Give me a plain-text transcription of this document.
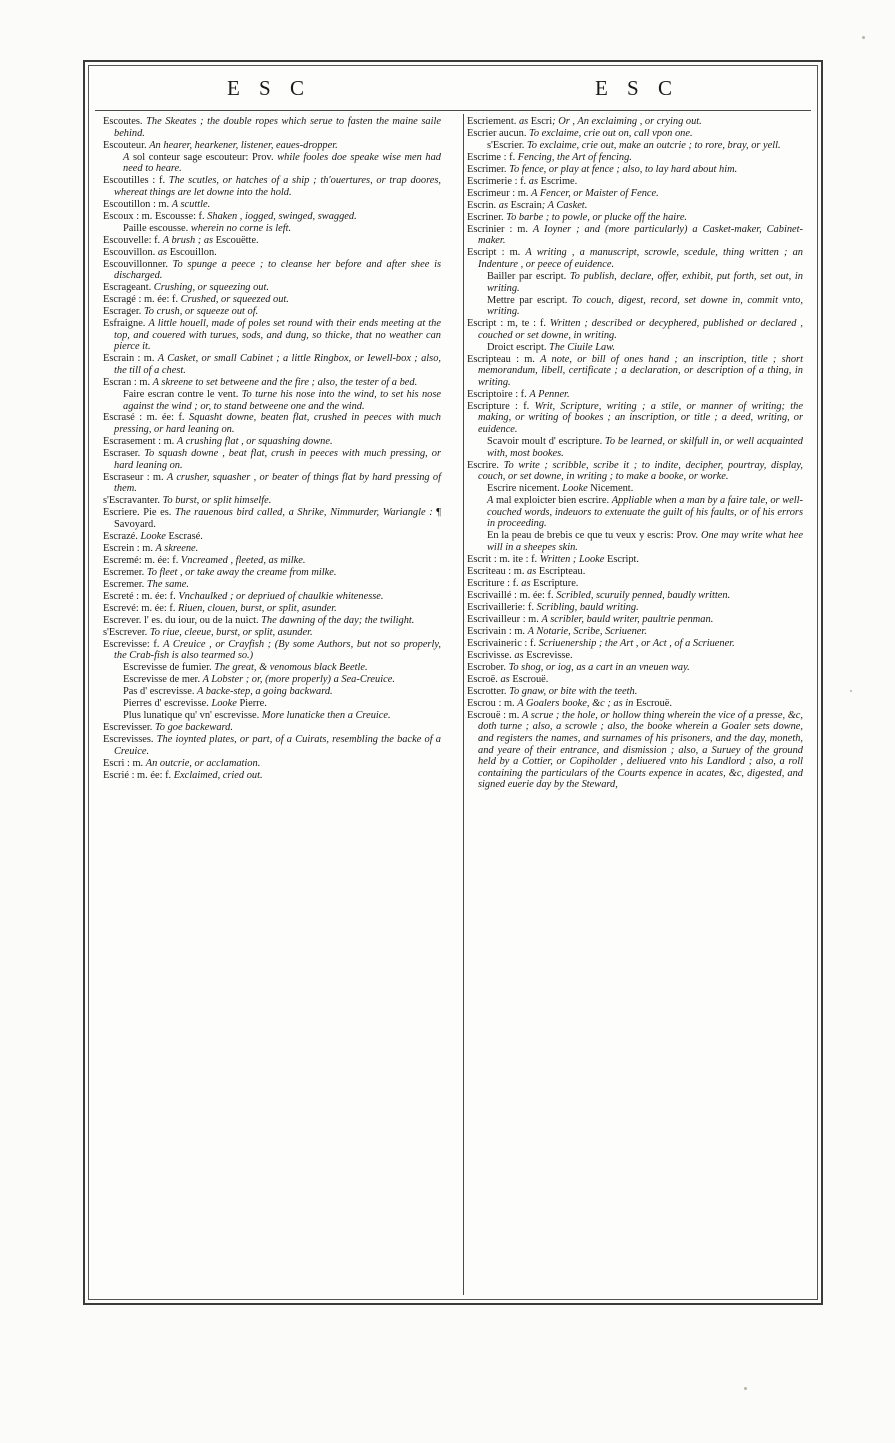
E S C	E S C

Escoutes. The Skeates ; the double ropes which serue to fasten the maine saile behind.

Escouteur. An hearer, hearkener, listener, eaues-dropper.

A sol conteur sage escouteur: Prov. while fooles doe speake wise men had need to heare.

Escoutilles : f. The scutles, or hatches of a ship ; th'ouertures, or trap doores, whereat things are let downe into the hold.

Escoutillon : m. A scuttle.

Escoux : m. Escousse: f. Shaken , iogged, swinged, swagged.

Paille escousse. wherein no corne is left.

Escouvelle: f. A brush ; as Escouëtte.

Escouvillon. as Escouillon.

Escouvillonner. To spunge a peece ; to cleanse her before and after shee is discharged.

Escrageant. Crushing, or squeezing out.

Escragé : m. ée: f. Crushed, or squeezed out.

Escrager. To crush, or squeeze out of.

Esfraigne. A little houell, made of poles set round with their ends meeting at the top, and couered with turues, sods, and dung, so thicke, that no weather can pierce it.

Escrain : m. A Casket, or small Cabinet ; a little Ringbox, or Iewell-box ; also, the till of a chest.

Escran : m. A skreene to set betweene and the fire ; also, the tester of a bed.

Faire escran contre le vent. To turne his nose into the wind, to set his nose against the wind ; or, to stand betweene one and the wind.

Escrasé : m. ée: f. Squasht downe, beaten flat, crushed in peeces with much pressing, or hard leaning on.

Escrasement : m. A crushing flat , or squashing downe.

Escraser. To squash downe , beat flat, crush in peeces with much pressing, or hard leaning on.

Escraseur : m. A crusher, squasher , or beater of things flat by hard pressing of them.

s'Escravanter. To burst, or split himselfe.

Escriere. Pie es. The rauenous bird called, a Shrike, Nimmurder, Wariangle : ¶ Savoyard.

Escrazé. Looke Escrasé.

Escrein : m. A skreene.

Escremé: m. ée: f. Vncreamed , fleeted, as milke.

Escremer. To fleet , or take away the creame from milke.

Escremer. The same.

Escreté : m. ée: f. Vnchaulked ; or depriued of chaulkie whitenesse.

Escrevé: m. ée: f. Riuen, clouen, burst, or split, asunder.

Escrever. l' es. du iour, ou de la nuict. The dawning of the day; the twilight.

s'Escrever. To riue, cleeue, burst, or split, asunder.

Escrevisse: f. A Creuice , or Crayfish ; (By some Authors, but not so properly, the Crab-fish is also tearmed so.)

Escrevisse de fumier. The great, & venomous black Beetle.

Escrevisse de mer. A Lobster ; or, (more properly) a Sea-Creuice.

Pas d' escrevisse. A backe-step, a going backward.

Pierres d' escrevisse. Looke Pierre.

Plus lunatique qu' vn' escrevisse. More lunaticke then a Creuice.

Escrevisser. To goe backeward.

Escrevisses. The ioynted plates, or part, of a Cuirats, resembling the backe of a Creuice.

Escri : m. An outcrie, or acclamation.

Escrié : m. ée: f. Exclaimed, cried out.

Escriement. as Escri; Or , An exclaiming , or crying out.

Escrier aucun. To exclaime, crie out on, call vpon one.

s'Escrier. To exclaime, crie out, make an outcrie ; to rore, bray, or yell.

Escrime : f. Fencing, the Art of fencing.

Escrimer. To fence, or play at fence ; also, to lay hard about him.

Escrimerie : f. as Escrime.

Escrimeur : m. A Fencer, or Maister of Fence.

Escrin. as Escrain; A Casket.

Escriner. To barbe ; to powle, or plucke off the haire.

Escrinier : m. A Ioyner ; and (more particularly) a Casket-maker, Cabinet-maker.

Escript : m. A writing , a manuscript, scrowle, scedule, thing written ; an Indenture , or peece of euidence.

Bailler par escript. To publish, declare, offer, exhibit, put forth, set out, in writing.

Mettre par escript. To couch, digest, record, set downe in, commit vnto, writing.

Escript : m, te : f. Written ; described or decyphered, published or declared , couched or set downe, in writing.

Droict escript. The Ciuile Law.

Escripteau : m. A note, or bill of ones hand ; an inscription, title ; short memorandum, libell, certificate ; a declaration, or description of a thing, in writing.

Escriptoire : f. A Penner.

Escripture : f. Writ, Scripture, writing ; a stile, or manner of writing; the making, or writing of bookes ; an inscription, or title ; a deed, writing, or euidence.

Scavoir moult d' escripture. To be learned, or skilfull in, or well acquainted with, most bookes.

Escrire. To write ; scribble, scribe it ; to indite, decipher, pourtray, display, couch, or set downe, in writing ; to make a booke, or worke.

Escrire nicement. Looke Nicement.

A mal exploicter bien escrire. Appliable when a man by a faire tale, or well-couched words, indeuors to extenuate the guilt of his faults, or of his errors in proceeding.

En la peau de brebis ce que tu veux y escris: Prov. One may write what hee will in a sheepes skin.

Escrit : m. ite : f. Written ; Looke Escript.

Escriteau : m. as Escripteau.

Escriture : f. as Escripture.

Escrivaillé : m. ée: f. Scribled, scuruily penned, baudly written.

Escrivaillerie: f. Scribling, bauld writing.

Escrivailleur : m. A scribler, bauld writer, paultrie penman.

Escrivain : m. A Notarie, Scribe, Scriuener.

Escrivaineric : f. Scriuenership ; the Art , or Act , of a Scriuener.

Escrivisse. as Escrevisse.

Escrober. To shog, or iog, as a cart in an vneuen way.

Escroë. as Escrouë.

Escrotter. To gnaw, or bite with the teeth.

Escrou : m. A Goalers booke, &c ; as in Escrouë.

Escrouë : m. A scrue ; the hole, or hollow thing wherein the vice of a presse, &c, doth turne ; also, a scrowle ; also, the booke wherein a Goaler sets downe, and registers the names, and surnames of his prisoners, and the day, moneth, and yeare of their entrance, and dismission ; also, a Suruey of the ground held by a Cottier, or Copiholder , deliuered vnto his Landlord ; also, a roll containing the particulars of the Courts expence in acates, &c, digested, and signed euerie day by the Steward,
